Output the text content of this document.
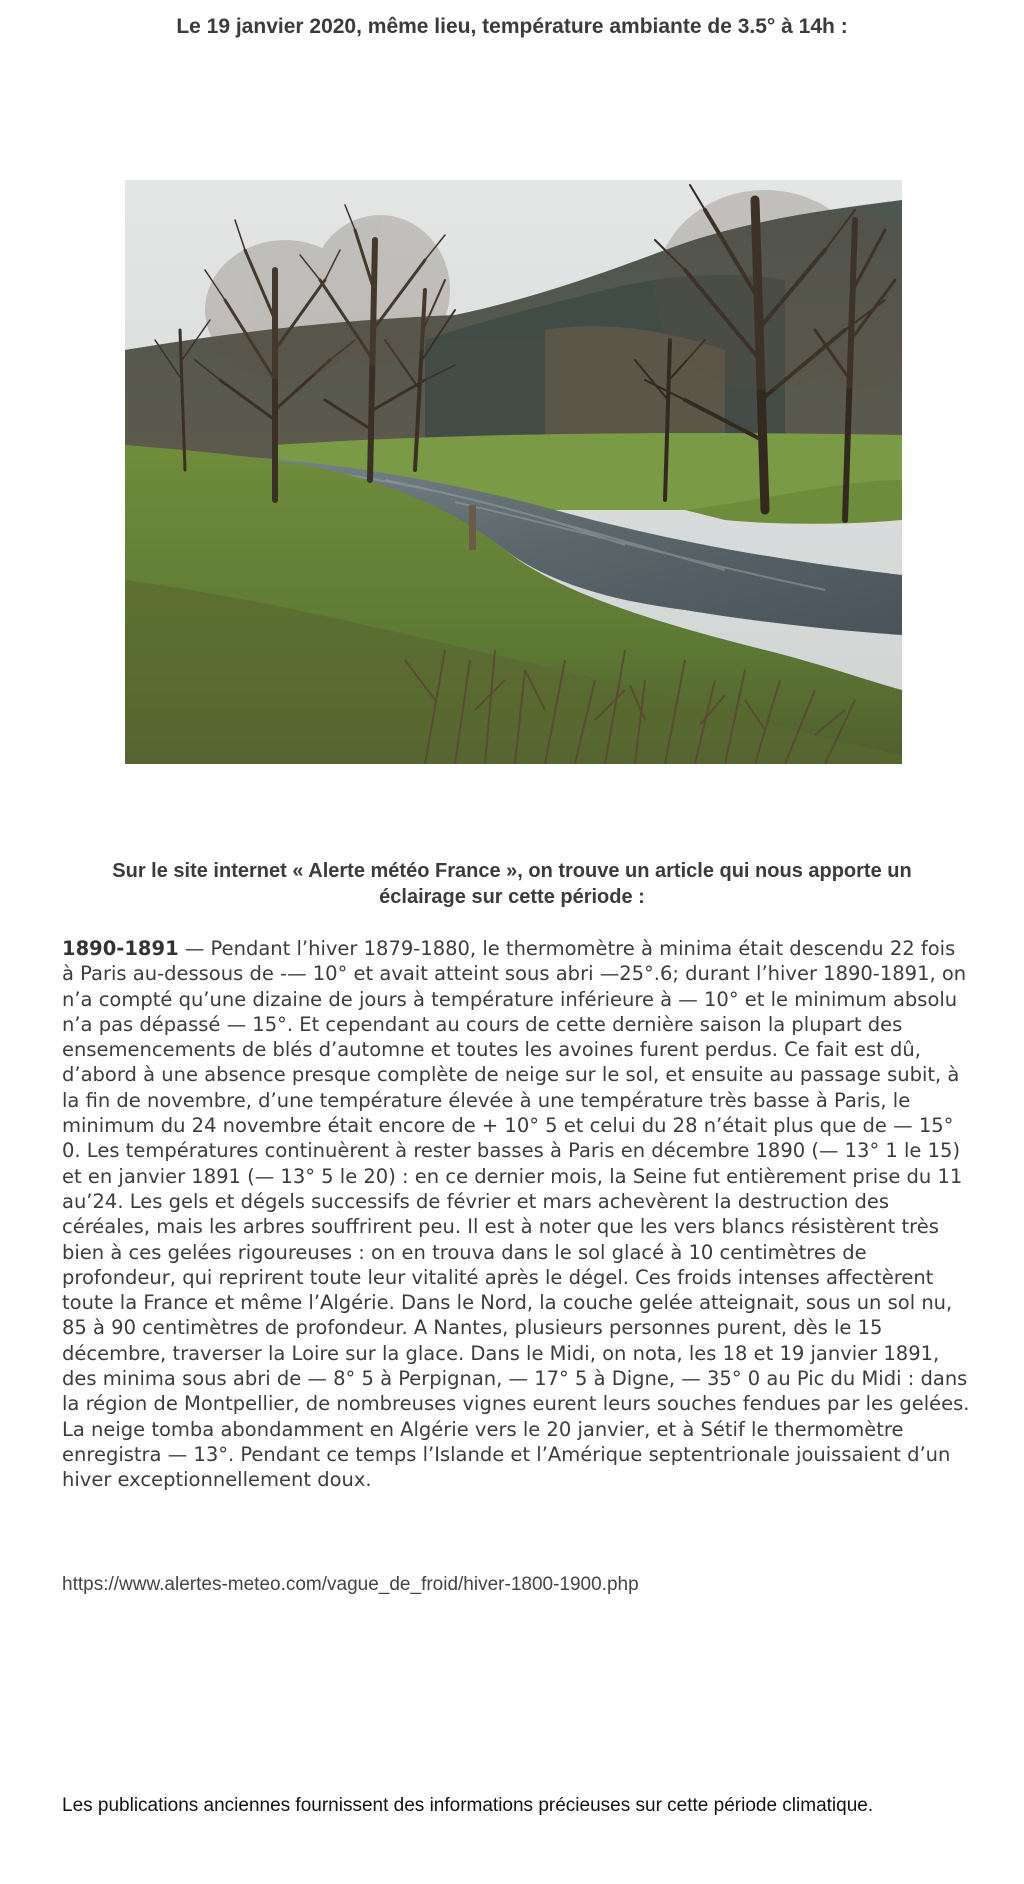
Le 19 janvier 2020, même lieu, température ambiante de 3.5° à 14h :
Sur le site internet « Alerte météo France », on trouve un article qui nous apporte un éclairage sur cette période :

1890-1891 — Pendant l’hiver 1879-1880, le thermomètre à minima était descendu 22 fois à Paris au-dessous de -— 10° et avait atteint sous abri —25°.6; durant l’hiver 1890-1891, on n’a compté qu’une dizaine de jours à température inférieure à — 10° et le minimum absolu n’a pas dépassé — 15°. Et cependant au cours de cette dernière saison la plupart des ensemencements de blés d’automne et toutes les avoines furent perdus. Ce fait est dû, d’abord à une absence presque complète de neige sur le sol, et ensuite au passage subit, à la fin de novembre, d’une température élevée à une température très basse à Paris, le minimum du 24 novembre était encore de + 10° 5 et celui du 28 n’était plus que de — 15° 0. Les températures continuèrent à rester basses à Paris en décembre 1890 (— 13° 1 le 15) et en janvier 1891 (— 13° 5 le 20) : en ce dernier mois, la Seine fut entièrement prise du 11 au’24. Les gels et dégels successifs de février et mars achevèrent la destruction des céréales, mais les arbres souffrirent peu. Il est à noter que les vers blancs résistèrent très bien à ces gelées rigoureuses : on en trouva dans le sol glacé à 10 centimètres de profondeur, qui reprirent toute leur vitalité après le dégel. Ces froids intenses affectèrent toute la France et même l’Algérie. Dans le Nord, la couche gelée atteignait, sous un sol nu, 85 à 90 centimètres de profondeur. A Nantes, plusieurs personnes purent, dès le 15 décembre, traverser la Loire sur la glace. Dans le Midi, on nota, les 18 et 19 janvier 1891, des minima sous abri de — 8° 5 à Perpignan, — 17° 5 à Digne, — 35° 0 au Pic du Midi : dans la région de Montpellier, de nombreuses vignes eurent leurs souches fendues par les gelées. La neige tomba abondamment en Algérie vers le 20 janvier, et à Sétif le thermomètre enregistra — 13°. Pendant ce temps l’Islande et l’Amérique septentrionale jouissaient d’un hiver exceptionnellement doux.

https://www.alertes-meteo.com/vague_de_froid/hiver-1800-1900.php
Les publications anciennes fournissent des informations précieuses sur cette période climatique.
